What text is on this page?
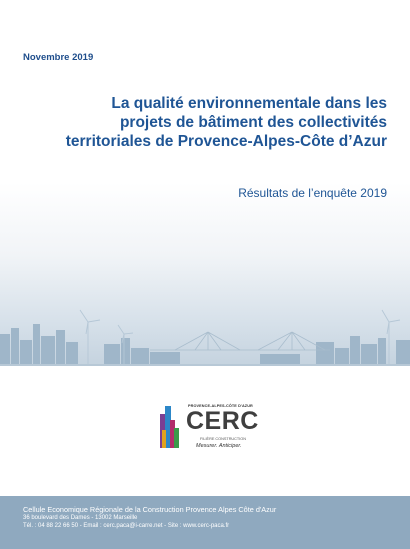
Novembre 2019
La qualité environnementale dans les
projets de bâtiment des collectivités
territoriales de Provence-Alpes-Côte d’Azur
Résultats de l’enquête 2019
PROVENCE-ALPES-CÔTE D'AZUR
CERC
FILIÈRE CONSTRUCTION
Mesurer. Anticiper.
Cellule Economique Régionale de la Construction Provence Alpes Côte d'Azur
36 boulevard des Dames - 13002 Marseille
Tél. : 04 88 22 66 50 - Email : cerc.paca@i-carre.net - Site : www.cerc-paca.fr
